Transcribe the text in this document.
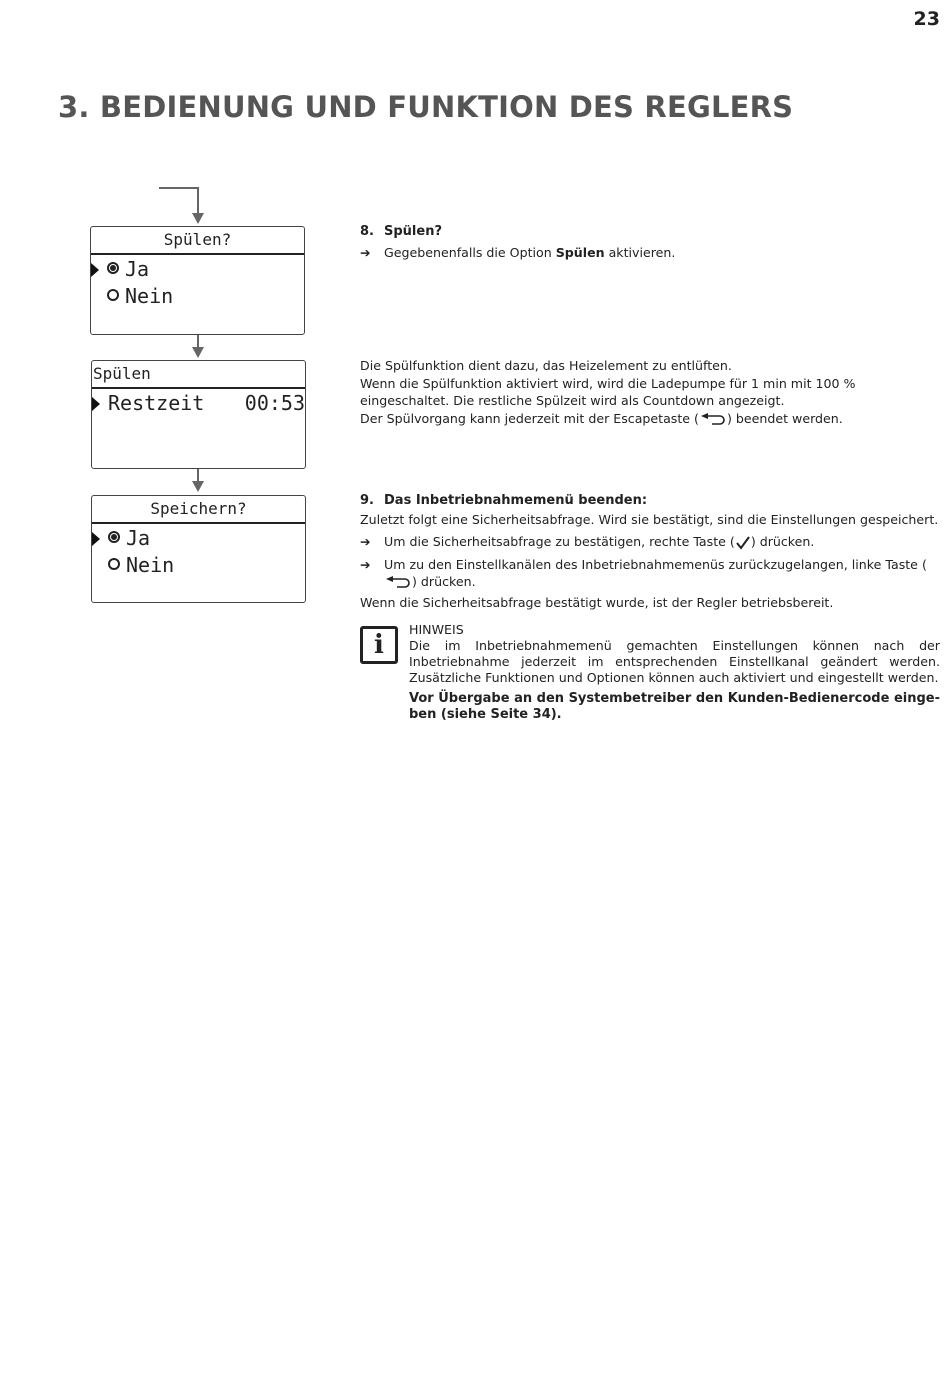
23
3. BEDIENUNG UND FUNKTION DES REGLERS
Spülen?
Ja
Nein
Spülen
Restzeit 00:53
Speichern?
Ja
Nein
8. Spülen?
➔ Gegebenenfalls die Option Spülen aktivieren.
Die Spülfunktion dient dazu, das Heizelement zu entlüften.
Wenn die Spülfunktion aktiviert wird, wird die Ladepumpe für 1 min mit 100 % eingeschaltet. Die restliche Spülzeit wird als Countdown angezeigt.
Der Spülvorgang kann jederzeit mit der Escapetaste ( ) beendet werden.
9. Das Inbetriebnahmemenü beenden:
Zuletzt folgt eine Sicherheitsabfrage. Wird sie bestätigt, sind die Einstellungen gespeichert.
➔ Um die Sicherheitsabfrage zu bestätigen, rechte Taste ( ) drücken.
➔ Um zu den Einstellkanälen des Inbetriebnahmemenüs zurückzugelangen, linke Taste () drücken.
Wenn die Sicherheitsabfrage bestätigt wurde, ist der Regler betriebsbereit.
i
HINWEIS
Die im Inbetriebnahmemenü gemachten Einstellungen können nach der Inbetriebnahme jederzeit im entsprechenden Einstellkanal geändert werden. Zusätzliche Funktionen und Optionen können auch aktiviert und eingestellt werden.
Vor Übergabe an den Systembetreiber den Kunden-Bedienercode einge-ben (siehe Seite 34).
